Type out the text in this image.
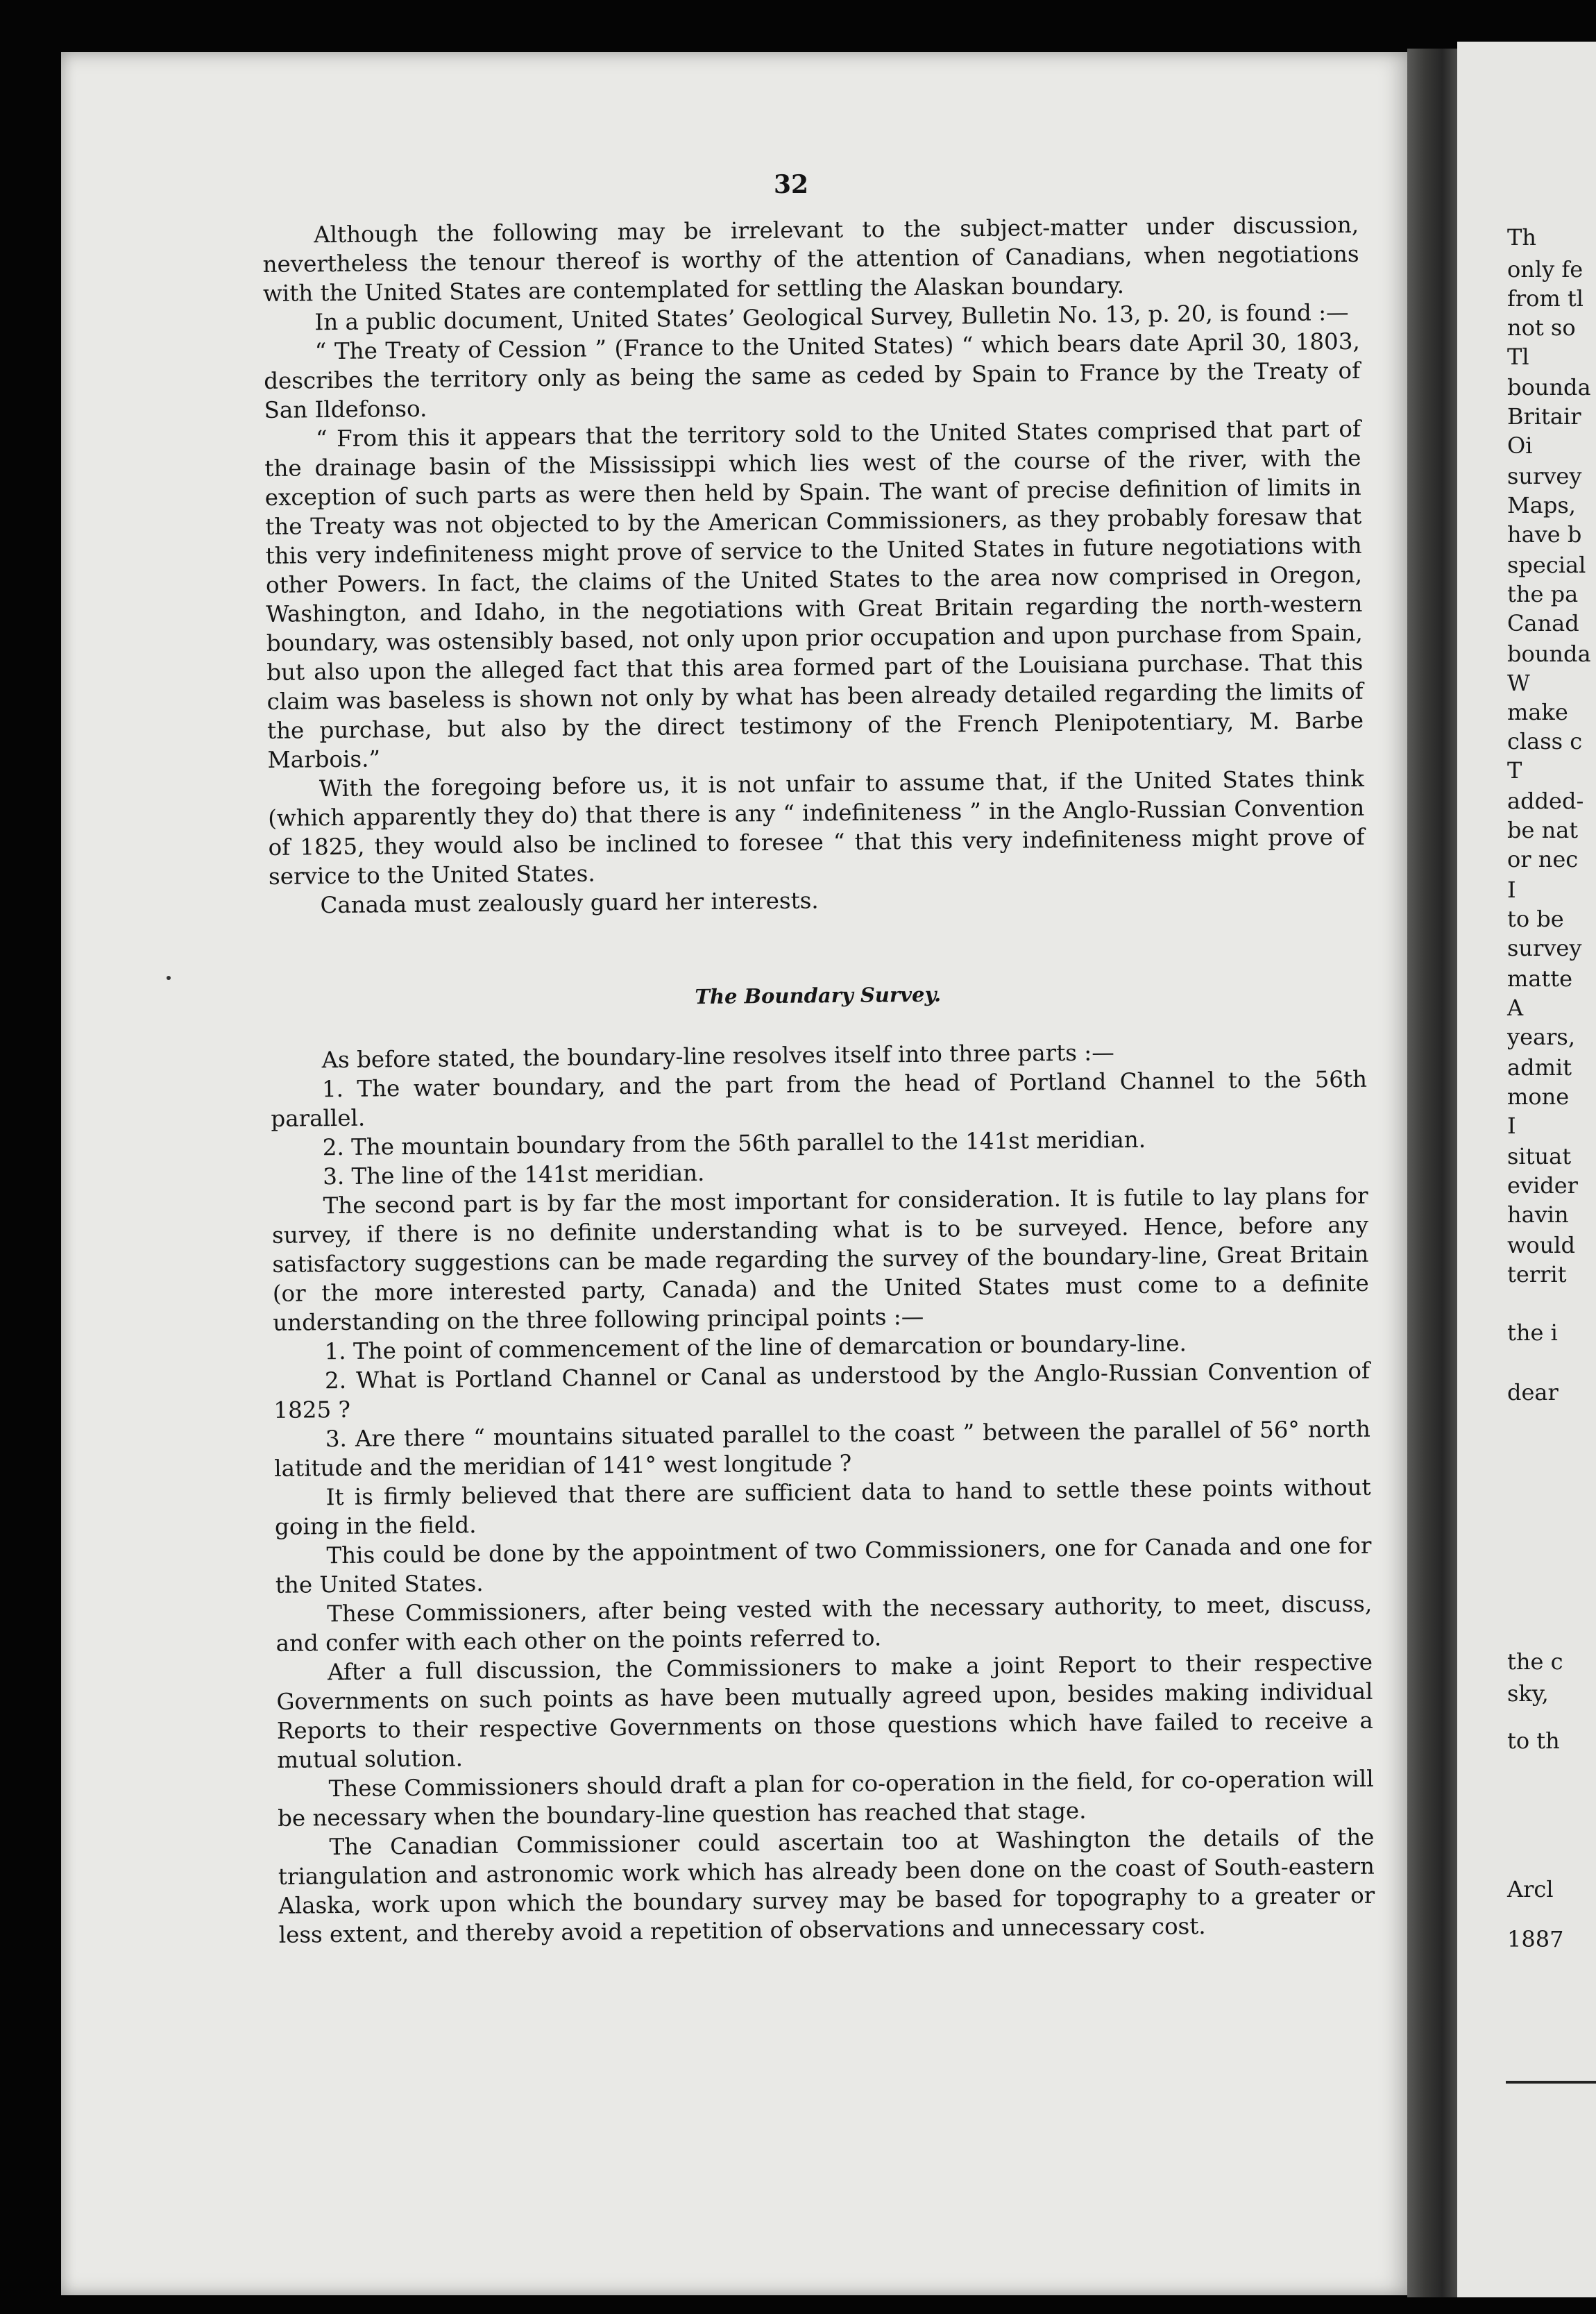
32

Although the following may be irrelevant to the subject-matter under discussion, nevertheless the tenour thereof is worthy of the attention of Canadians, when negotiations with the United States are contemplated for settling the Alaskan boundary.

In a public document, United States’ Geological Survey, Bulletin No. 13, p. 20, is found :—

“ The Treaty of Cession ” (France to the United States) “ which bears date April 30, 1803, describes the territory only as being the same as ceded by Spain to France by the Treaty of San Ildefonso.

“ From this it appears that the territory sold to the United States comprised that part of the drainage basin of the Mississippi which lies west of the course of the river, with the exception of such parts as were then held by Spain. The want of precise definition of limits in the Treaty was not objected to by the American Commissioners, as they probably foresaw that this very indefiniteness might prove of service to the United States in future negotiations with other Powers. In fact, the claims of the United States to the area now comprised in Oregon, Washington, and Idaho, in the negotiations with Great Britain regarding the north-western boundary, was ostensibly based, not only upon prior occupation and upon purchase from Spain, but also upon the alleged fact that this area formed part of the Louisiana purchase. That this claim was baseless is shown not only by what has been already detailed regarding the limits of the purchase, but also by the direct testimony of the French Plenipotentiary, M. Barbe Marbois.”

With the foregoing before us, it is not unfair to assume that, if the United States think (which apparently they do) that there is any “ indefiniteness ” in the Anglo-Russian Convention of 1825, they would also be inclined to foresee “ that this very indefiniteness might prove of service to the United States.

Canada must zealously guard her interests.

The Boundary Survey.

As before stated, the boundary-line resolves itself into three parts :—

1. The water boundary, and the part from the head of Portland Channel to the 56th parallel.

2. The mountain boundary from the 56th parallel to the 141st meridian.

3. The line of the 141st meridian.

The second part is by far the most important for consideration. It is futile to lay plans for survey, if there is no definite understanding what is to be surveyed. Hence, before any satisfactory suggestions can be made regarding the survey of the boundary-line, Great Britain (or the more interested party, Canada) and the United States must come to a definite understanding on the three following principal points :—

1. The point of commencement of the line of demarcation or boundary-line.

2. What is Portland Channel or Canal as understood by the Anglo-Russian Convention of 1825 ?

3. Are there “ mountains situated parallel to the coast ” between the parallel of 56° north latitude and the meridian of 141° west longitude ?

It is firmly believed that there are sufficient data to hand to settle these points without going in the field.

This could be done by the appointment of two Commissioners, one for Canada and one for the United States.

These Commissioners, after being vested with the necessary authority, to meet, discuss, and confer with each other on the points referred to.

After a full discussion, the Commissioners to make a joint Report to their respective Governments on such points as have been mutually agreed upon, besides making individual Reports to their respective Governments on those questions which have failed to receive a mutual solution.

These Commissioners should draft a plan for co-operation in the field, for co-operation will be necessary when the boundary-line question has reached that stage.

The Canadian Commissioner could ascertain too at Washington the details of the triangulation and astronomic work which has already been done on the coast of South-eastern Alaska, work upon which the boundary survey may be based for topography to a greater or less extent, and thereby avoid a repetition of observations and unnecessary cost.

Th
only fe
from tl
not so
Tl
bounda
Britair
Oi
survey
Maps,
have b
special
the pa
Canad
bounda
W
make
class c
T
added-
be nat
or nec
I
to be
survey
matte
A
years,
admit
mone
I
situat
evider
havin
would
territ
the i
dear
the c
sky,
to th
Arcl
1887
